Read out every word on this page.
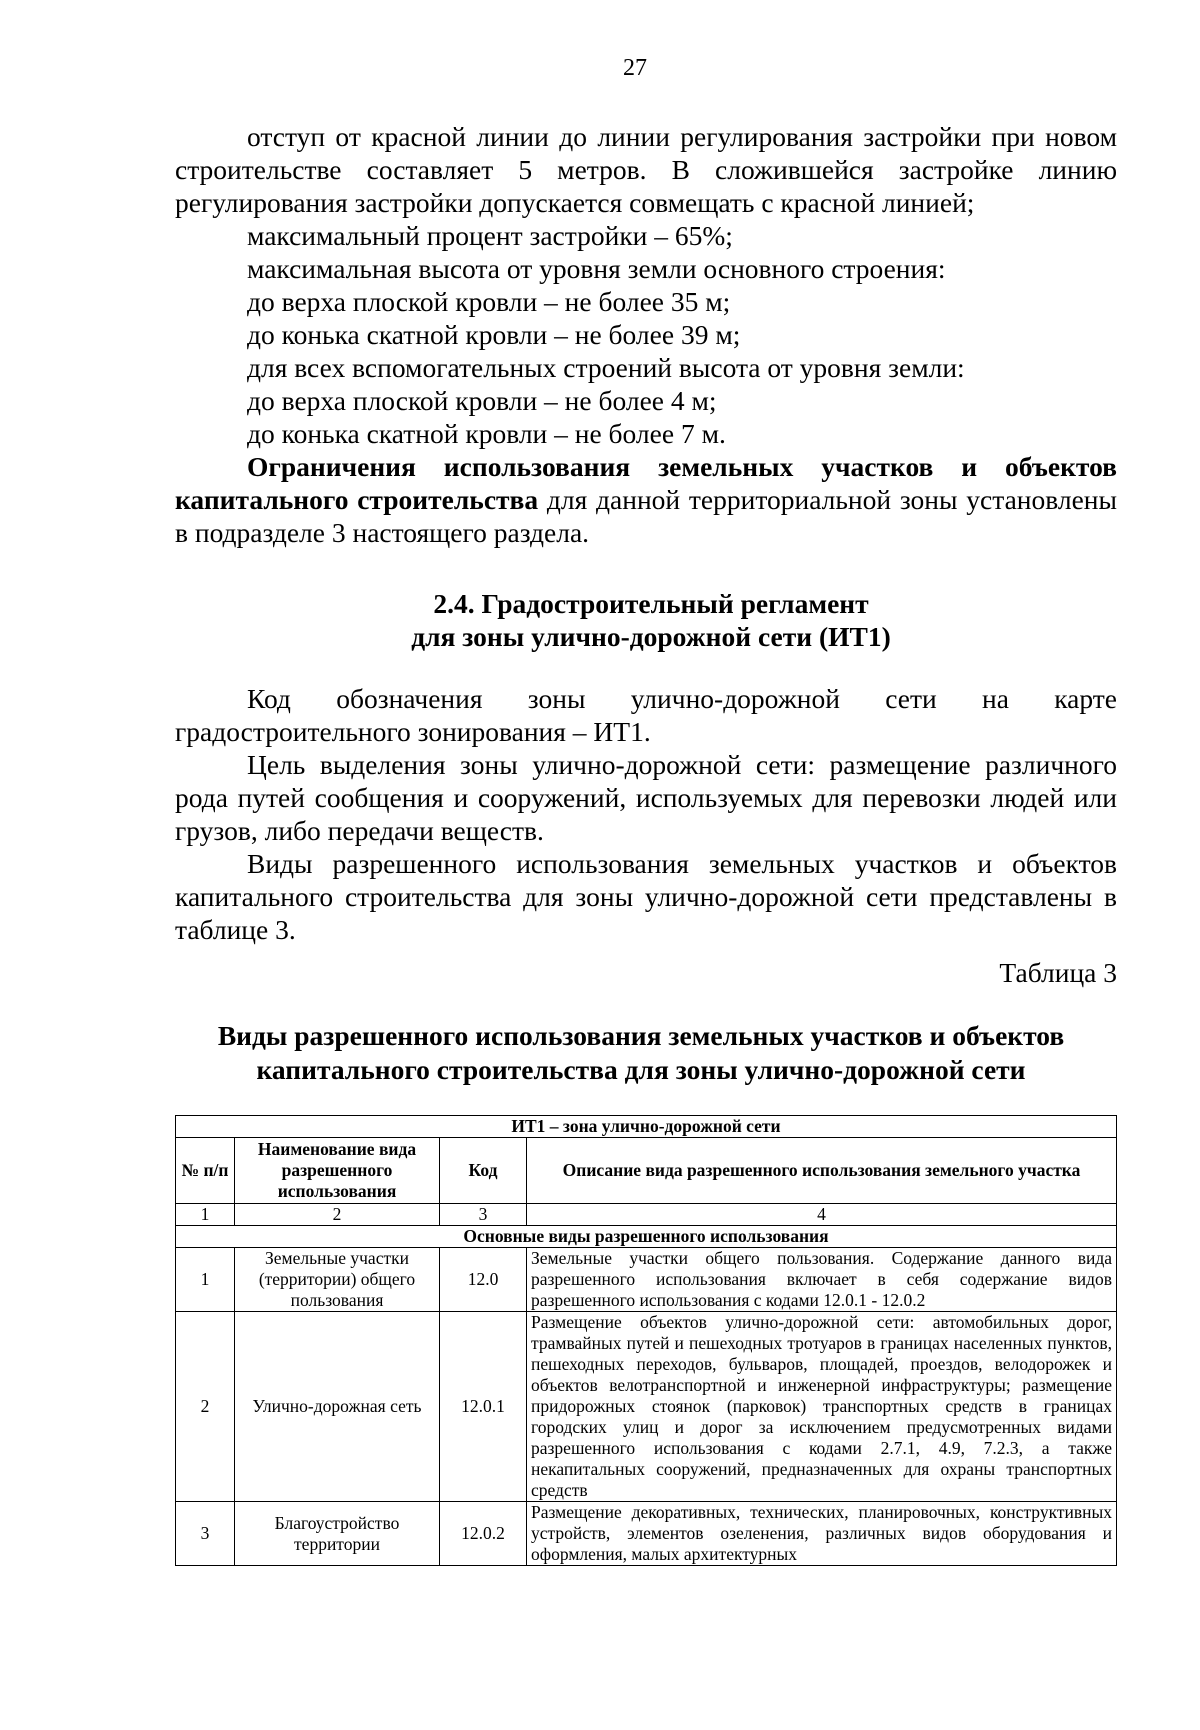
27

отступ от красной линии до линии регулирования застройки при новом строительстве составляет 5 метров. В сложившейся застройке линию регулирования застройки допускается совмещать с красной линией;

максимальный процент застройки – 65%;
максимальная высота от уровня земли основного строения:
до верха плоской кровли – не более 35 м;
до конька скатной кровли – не более 39 м;
для всех вспомогательных строений высота от уровня земли:
до верха плоской кровли – не более 4 м;
до конька скатной кровли – не более 7 м.

Ограничения использования земельных участков и объектов капитального строительства для данной территориальной зоны установлены в подразделе 3 настоящего раздела.

2.4. Градостроительный регламент
для зоны улично-дорожной сети (ИТ1)

Код обозначения зоны улично-дорожной сети на карте градостроительного зонирования – ИТ1.

Цель выделения зоны улично-дорожной сети: размещение различного рода путей сообщения и сооружений, используемых для перевозки людей или грузов, либо передачи веществ.

Виды разрешенного использования земельных участков и объектов капитального строительства для зоны улично-дорожной сети представлены в таблице 3.

Таблица 3
Виды разрешенного использования земельных участков и объектов
капитального строительства для зоны улично-дорожной сети
ИТ1 – зона улично-дорожной сети			
№ п/п	Наименование вида разрешенного использования	Код	Описание вида разрешенного использования земельного участка
1	2	3	4
Основные виды разрешенного использования			
1	Земельные участки (территории) общего пользования	12.0	Земельные участки общего пользования. Содержание данного вида разрешенного использования включает в себя содержание видов разрешенного использования с кодами 12.0.1 - 12.0.2
2	Улично-дорожная сеть	12.0.1	Размещение объектов улично-дорожной сети: автомобильных дорог, трамвайных путей и пешеходных тротуаров в границах населенных пунктов, пешеходных переходов, бульваров, площадей, проездов, велодорожек и объектов велотранспортной и инженерной инфраструктуры; размещение придорожных стоянок (парковок) транспортных средств в границах городских улиц и дорог за исключением предусмотренных видами разрешенного использования с кодами 2.7.1, 4.9, 7.2.3, а также некапитальных сооружений, предназначенных для охраны транспортных средств
3	Благоустройство территории	12.0.2	Размещение декоративных, технических, планировочных, конструктивных устройств, элементов озеленения, различных видов оборудования и оформления, малых архитектурных
